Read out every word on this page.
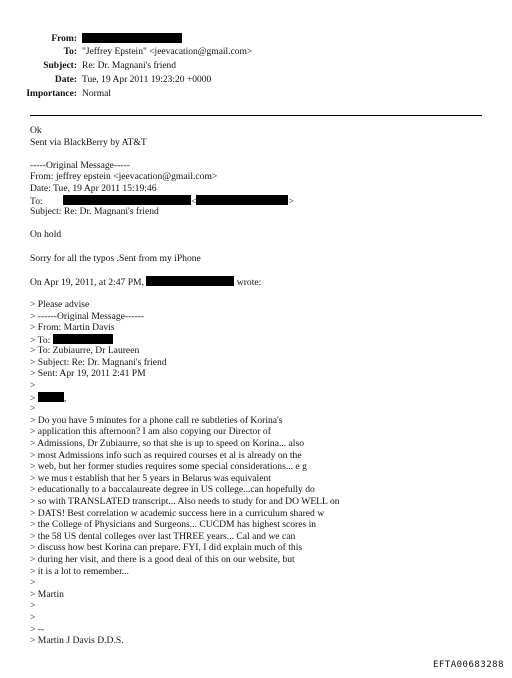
From:
To: "Jeffrey Epstein" <jeevacation@gmail.com>
Subject: Re: Dr. Magnani's friend
Date: Tue, 19 Apr 2011 19:23:20 +0000
Importance: Normal
Ok
Sent via BlackBerry by AT&T
-----Original Message-----
From: jeffrey epstein <jeevacation@gmail.com>
Date: Tue, 19 Apr 2011 15:19:46
To:	<	>
Subject: Re: Dr. Magnani's friend
On hold
Sorry for all the typos .Sent from my iPhone
On Apr 19, 2011, at 2:47 PM,	wrote:
> Please advise
> ------Original Message------
> From: Martin Davis
> To:
> To: Zubiaurre, Dr Laureen
> Subject: Re: Dr. Magnani's friend
> Sent: Apr 19, 2011 2:41 PM
>
>	,
>
> Do you have 5 minutes for a phone call re subtleties of Korina's
> application this afternoon? I am also copying our Director of
> Admissions, Dr Zubiaurre, so that she is up to speed on Korina... also
> most Admissions info such as required courses et al is already on the
> web, but her former studies requires some special considerations... e g
> we mus t establish that her 5 years in Belarus was equivalent
> educationally to a baccalaureate degree in US college...can hopefully do
> so with TRANSLATED transcript... Also needs to study for and DO WELL on
> DATS! Best correlation w academic success here in a curriculum shared w
> the College of Physicians and Surgeons... CUCDM has highest scores in
> the 58 US dental colleges over last THREE years... Cal and we can
> discuss how best Korina can prepare. FYI, I did explain much of this
> during her visit, and there is a good deal of this on our website, but
> it is a lot to remember...
>
> Martin
>
>
> --
> Martin J Davis D.D.S.
EFTA00683288
